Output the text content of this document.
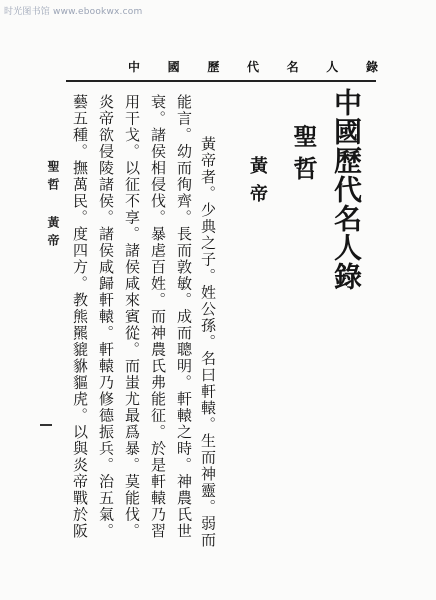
时光图书馆 www.ebookwx.com
中 國 歷 代 名 人 錄
中國歷代名人錄
聖哲
黃帝
黃帝者。少典之子。姓公孫。名曰軒轅。生而神靈。弱而
能言。幼而徇齊。長而敦敏。成而聰明。軒轅之時。神農氏世
衰。諸侯相侵伐。暴虐百姓。而神農氏弗能征。於是軒轅乃習
用干戈。以征不享。諸侯咸來賓從。而蚩尤最爲暴。莫能伐。
炎帝欲侵陵諸侯。諸侯咸歸軒轅。軒轅乃修德振兵。治五氣。
藝五種。撫萬民。度四方。教熊羆貔貅貙虎。以與炎帝戰於阪
聖哲 黃帝
